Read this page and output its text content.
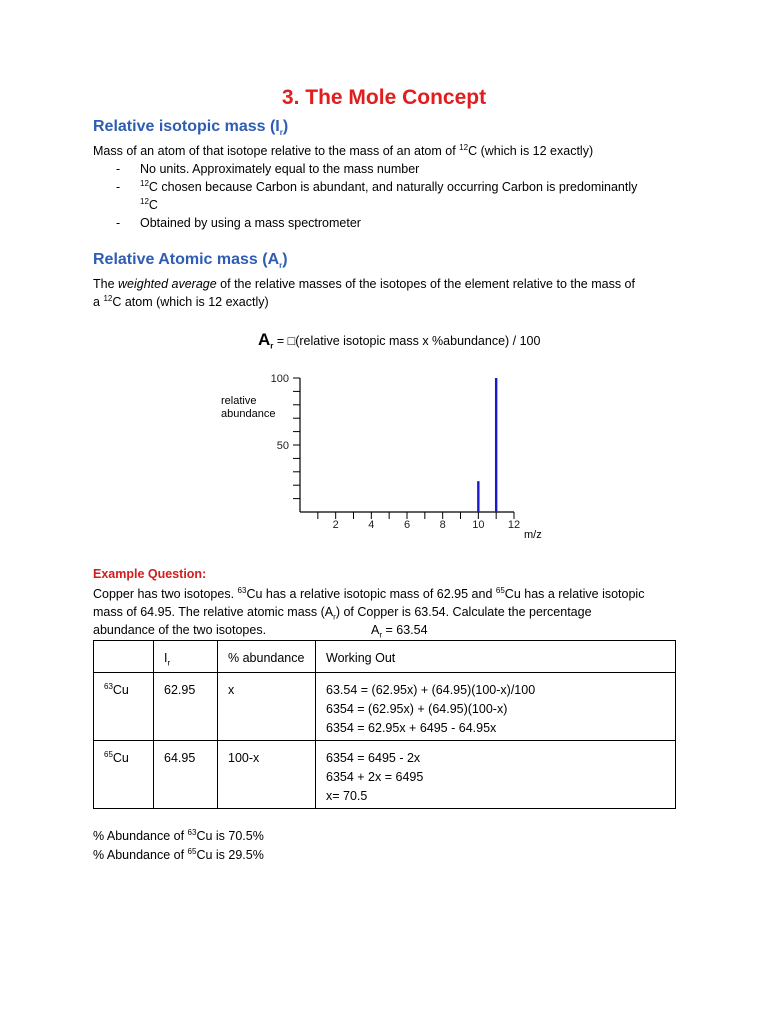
3. The Mole Concept
Relative isotopic mass $(I_r)$
Mass of an atom of that isotope relative to the mass of an atom of $^{12}$C (which is 12 exactly)
- No units. Approximately equal to the mass number
- $^{12}$C chosen because Carbon is abundant, and naturally occurring Carbon is predominantly
$^{12}$C
- Obtained by using a mass spectrometer
Relative Atomic mass $(A_r)$
The weighted average of the relative masses of the isotopes of the element relative to the mass of
a $^{12}$C atom (which is 12 exactly)
$A_r$ = □(relative isotopic mass x %abundance) / 100
100
50
2	4	6	8 10 12
relative
abundance
m/z
Example Question:
Copper has two isotopes. $^{63}$Cu has a relative isotopic mass of 62.95 and $^{65}$Cu has a relative isotopic
mass of 64.95. The relative atomic mass $(A_r)$ of Copper is 63.54. Calculate the percentage
abundance of the two isotopes.	$A_r = 63.54$
	$I_r$	% abundance	Working Out
$^{63}$Cu	62.95	x	63.54 = (62.95x) + (64.95)(100-x)/100
6354 = (62.95x) + (64.95)(100-x)
6354 = 62.95x + 6495 - 64.95x

$^{65}$Cu	64.95	100-x	6354 = 6495 - 2x
6354 + 2x = 6495
x= 70.5
% Abundance of $^{63}$Cu is 70.5%
% Abundance of $^{65}$Cu is 29.5%
